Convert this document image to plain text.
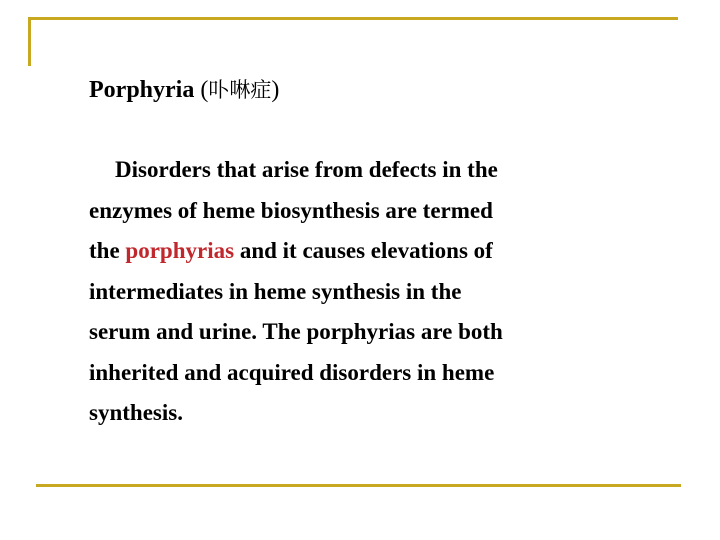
Porphyria (卟啉症)

Disorders that arise from defects in the
enzymes of heme biosynthesis are termed
the porphyrias and it causes elevations of
intermediates in heme synthesis in the
serum and urine. The porphyrias are both
inherited and acquired disorders in heme
synthesis.
